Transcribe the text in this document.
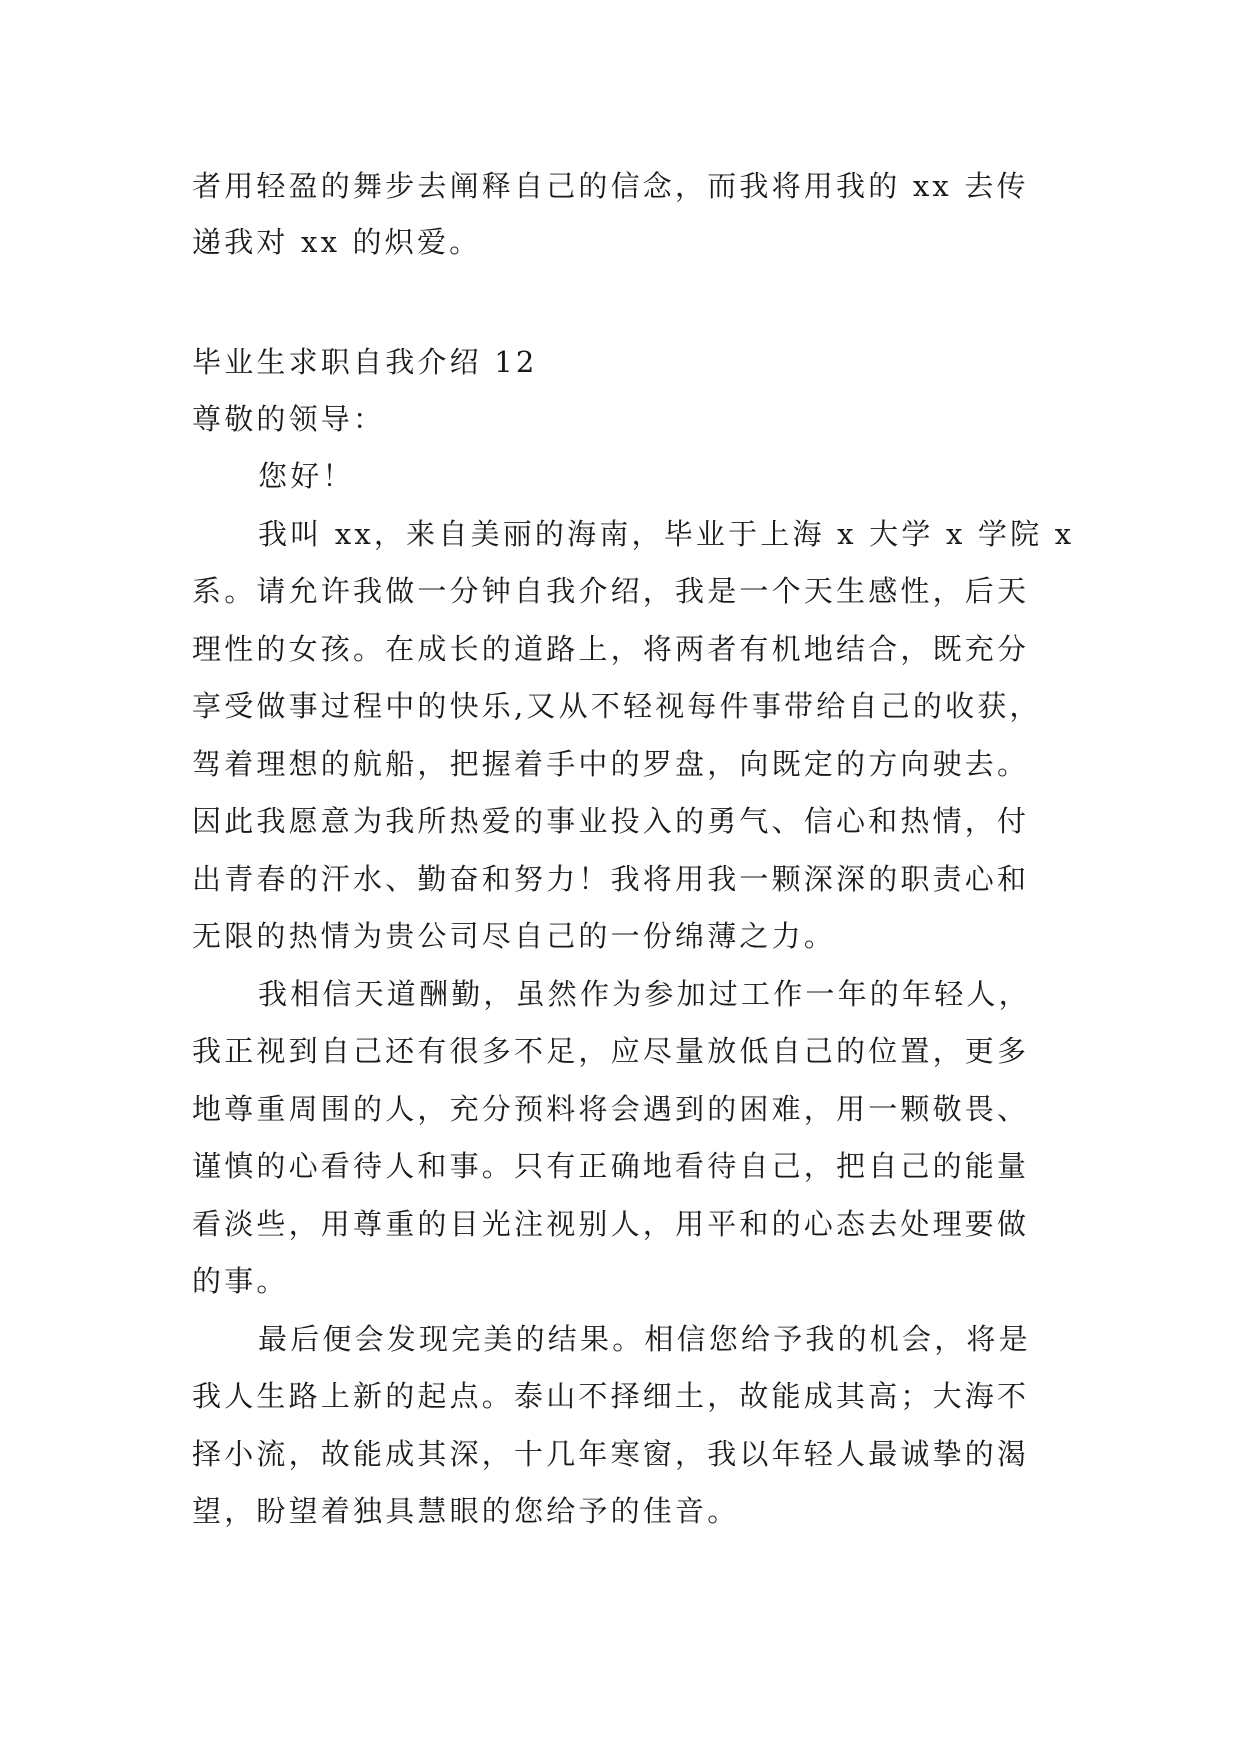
者用轻盈的舞步去阐释自己的信念，而我将用我的 xx 去传
递我对 xx 的炽爱。
毕业生求职自我介绍 12
尊敬的领导：
您好！
我叫 xx，来自美丽的海南，毕业于上海 x 大学 x 学院 x
系。请允许我做一分钟自我介绍，我是一个天生感性，后天
理性的女孩。在成长的道路上，将两者有机地结合，既充分
享受做事过程中的快乐,又从不轻视每件事带给自己的收获，
驾着理想的航船，把握着手中的罗盘，向既定的方向驶去。
因此我愿意为我所热爱的事业投入的勇气、信心和热情，付
出青春的汗水、勤奋和努力！我将用我一颗深深的职责心和
无限的热情为贵公司尽自己的一份绵薄之力。
我相信天道酬勤，虽然作为参加过工作一年的年轻人，
我正视到自己还有很多不足，应尽量放低自己的位置，更多
地尊重周围的人，充分预料将会遇到的困难，用一颗敬畏、
谨慎的心看待人和事。只有正确地看待自己，把自己的能量
看淡些，用尊重的目光注视别人，用平和的心态去处理要做
的事。
最后便会发现完美的结果。相信您给予我的机会，将是
我人生路上新的起点。泰山不择细土，故能成其高；大海不
择小流，故能成其深，十几年寒窗，我以年轻人最诚挚的渴
望，盼望着独具慧眼的您给予的佳音。
